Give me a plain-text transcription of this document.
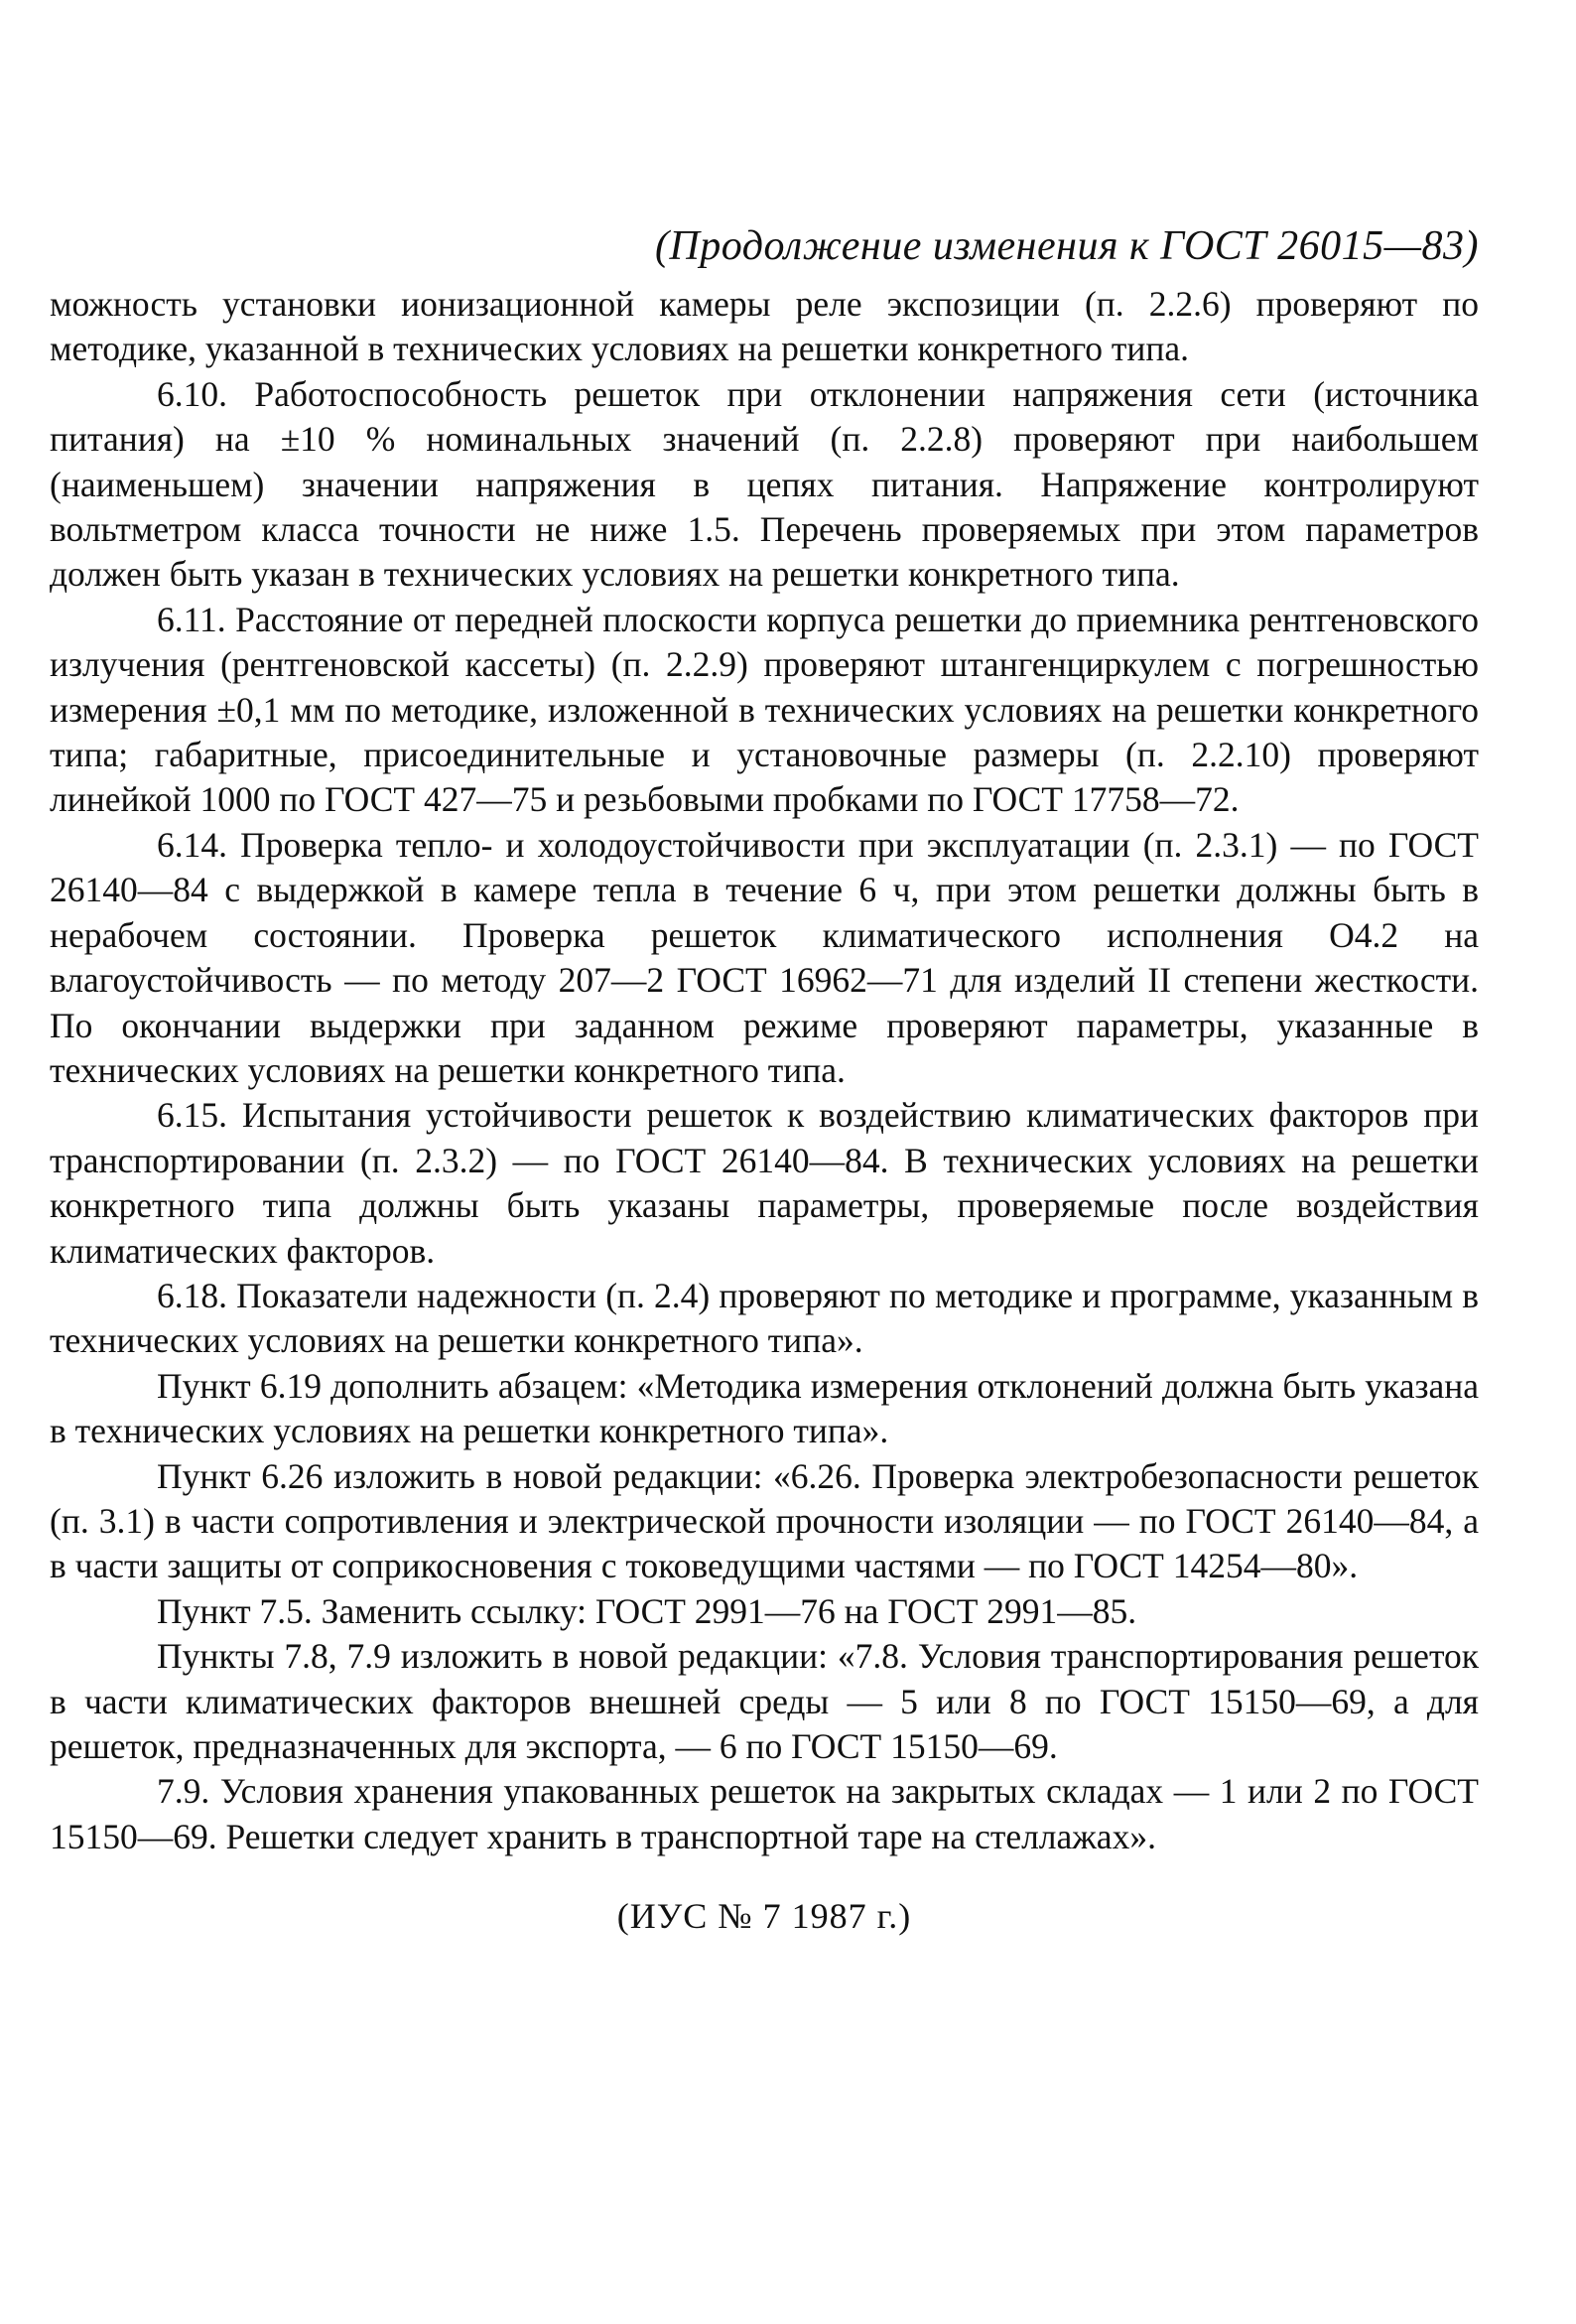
(Продолжение изменения к ГОСТ 26015—83)

можность установки ионизационной камеры реле экспозиции (п. 2.2.6) проверяют по методике, указанной в технических условиях на решетки конкретного типа.

6.10. Работоспособность решеток при отклонении напряжения сети (источника питания) на ±10 % номинальных значений (п. 2.2.8) проверяют при наибольшем (наименьшем) значении напряжения в цепях питания. Напряжение контролируют вольтметром класса точности не ниже 1.5. Перечень проверяемых при этом параметров должен быть указан в технических условиях на решетки конкретного типа.

6.11. Расстояние от передней плоскости корпуса решетки до приемника рентгеновского излучения (рентгеновской кассеты) (п. 2.2.9) проверяют штангенциркулем с погрешностью измерения ±0,1 мм по методике, изложенной в технических условиях на решетки конкретного типа; габаритные, присоединительные и установочные размеры (п. 2.2.10) проверяют линейкой 1000 по ГОСТ 427—75 и резьбовыми пробками по ГОСТ 17758—72.

6.14. Проверка тепло- и холодоустойчивости при эксплуатации (п. 2.3.1) — по ГОСТ 26140—84 с выдержкой в камере тепла в течение 6 ч, при этом решетки должны быть в нерабочем состоянии. Проверка решеток климатического исполнения О4.2 на влагоустойчивость — по методу 207—2 ГОСТ 16962—71 для изделий II степени жесткости. По окончании выдержки при заданном режиме проверяют параметры, указанные в технических условиях на решетки конкретного типа.

6.15. Испытания устойчивости решеток к воздействию климатических факторов при транспортировании (п. 2.3.2) — по ГОСТ 26140—84. В технических условиях на решетки конкретного типа должны быть указаны параметры, проверяемые после воздействия климатических факторов.

6.18. Показатели надежности (п. 2.4) проверяют по методике и программе, указанным в технических условиях на решетки конкретного типа».

Пункт 6.19 дополнить абзацем: «Методика измерения отклонений должна быть указана в технических условиях на решетки конкретного типа».

Пункт 6.26 изложить в новой редакции: «6.26. Проверка электробезопасности решеток (п. 3.1) в части сопротивления и электрической прочности изоляции — по ГОСТ 26140—84, а в части защиты от соприкосновения с токоведущими частями — по ГОСТ 14254—80».

Пункт 7.5. Заменить ссылку: ГОСТ 2991—76 на ГОСТ 2991—85.

Пункты 7.8, 7.9 изложить в новой редакции: «7.8. Условия транспортирования решеток в части климатических факторов внешней среды — 5 или 8 по ГОСТ 15150—69, а для решеток, предназначенных для экспорта, — 6 по ГОСТ 15150—69.

7.9. Условия хранения упакованных решеток на закрытых складах — 1 или 2 по ГОСТ 15150—69. Решетки следует хранить в транспортной таре на стеллажах».

(ИУС № 7 1987 г.)
